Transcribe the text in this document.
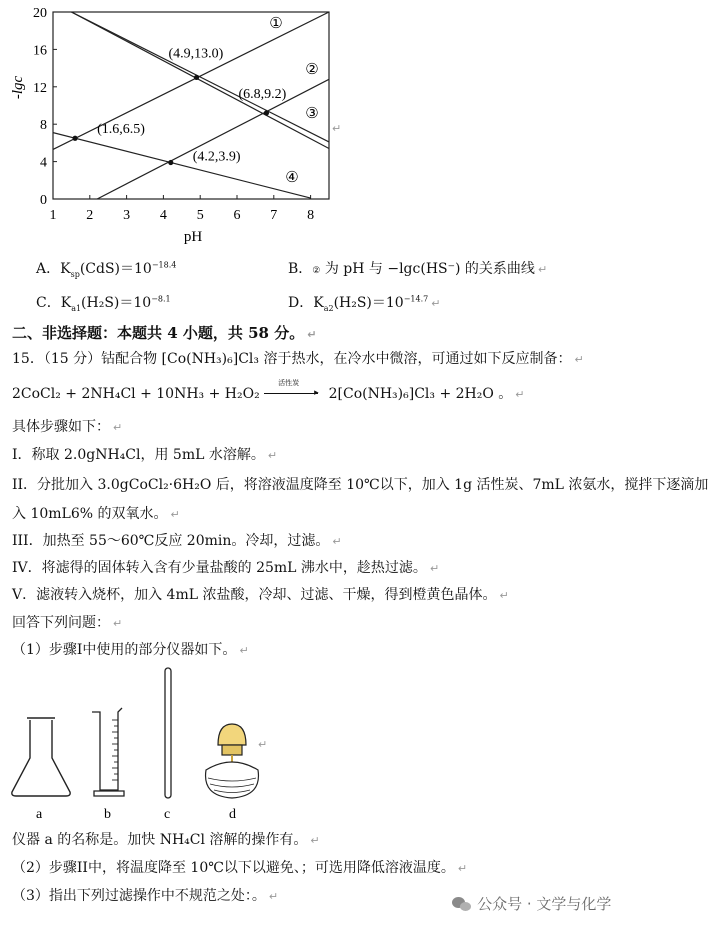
1 2 3 4 5 6 7 8
0
4
8
12
16
20
(4.9,13.0)
(6.8,9.2)
(1.6,6.5)
(4.2,3.9)
①
②
③
④
pH
-lgc
↵
A．$K_{sp}(CdS)=10^{-18.4}$	B．② 为 pH 与 −lgc(HS⁻) 的关系曲线 ↵
C．$K_{a1}(H_2S)=10^{-8.1}$	D．$K_{a2}(H_2S)=10^{-14.7}$ ↵
二、非选择题：本题共 4 小题，共 58 分。 ↵
15．（15 分）钴配合物 [Co(NH₃)₆]Cl₃ 溶于热水，在冷水中微溶，可通过如下反应制备： ↵
2CoCl₂ + 2NH₄Cl + 10NH₃ + H₂O₂
活性炭
▸ 2[Co(NH₃)₆]Cl₃ + 2H₂O 。 ↵
具体步骤如下： ↵
I．称取 2.0gNH₄Cl，用 5mL 水溶解。 ↵
II．分批加入 3.0gCoCl₂·6H₂O 后，将溶液温度降至 10℃以下，加入 1g 活性炭、7mL 浓氨水，搅拌下逐滴加
入 10mL6% 的双氧水。 ↵
III．加热至 55～60℃反应 20min。冷却，过滤。 ↵
IV．将滤得的固体转入含有少量盐酸的 25mL 沸水中，趁热过滤。 ↵
V．滤液转入烧杯，加入 4mL 浓盐酸，冷却、过滤、干燥，得到橙黄色晶体。 ↵
回答下列问题： ↵
（1）步骤I中使用的部分仪器如下。 ↵
↵
a	b	c	d
仪器 a 的名称是。加快 NH₄Cl 溶解的操作有。 ↵
（2）步骤II中，将温度降至 10℃以下以避免、；可选用降低溶液温度。 ↵
（3）指出下列过滤操作中不规范之处：。 ↵	公众号 · 文学与化学
